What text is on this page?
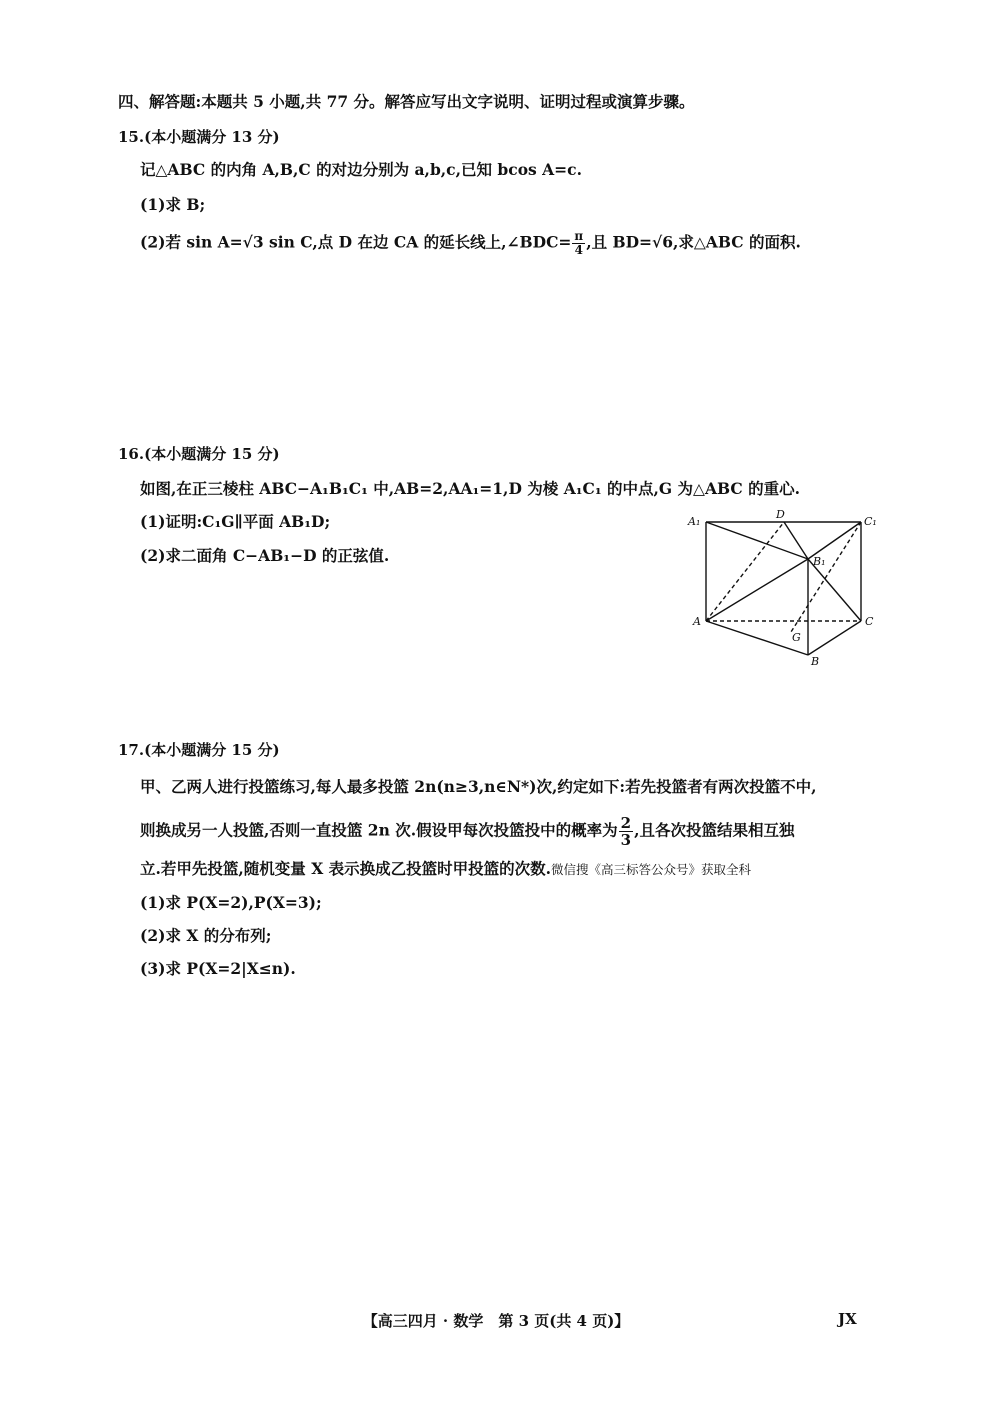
四、解答题:本题共 5 小题,共 77 分。解答应写出文字说明、证明过程或演算步骤。
15.(本小题满分 13 分)
记△ABC 的内角 A,B,C 的对边分别为 a,b,c,已知 bcos A=c.
(1)求 B;
(2)若 sin A=√3 sin C,点 D 在边 CA 的延长线上,∠BDC= $\frac{\pi}{4}$ ,且 BD=√6,求△ABC 的面积.
16.(本小题满分 15 分)
如图,在正三棱柱 ABC−A₁B₁C₁ 中,AB=2,AA₁=1,D 为棱 A₁C₁ 的中点,G 为△ABC 的重心.
(1)证明:C₁G∥平面 AB₁D;
(2)求二面角 C−AB₁−D 的正弦值.
A₁
D
C₁
B₁
A	C
G
B
17.(本小题满分 15 分)
甲、乙两人进行投篮练习,每人最多投篮 2n(n≥3,n∈N*)次,约定如下:若先投篮者有两次投篮不中,
则换成另一人投篮,否则一直投篮 2n 次.假设甲每次投篮投中的概率为 $\frac{2}{3}$ ,且各次投篮结果相互独
立.若甲先投篮,随机变量 X 表示换成乙投篮时甲投篮的次数.微信搜《高三标答公众号》获取全科
(1)求 P(X=2),P(X=3);
(2)求 X 的分布列;
(3)求 P(X=2|X≤n).
【高三四月 · 数学　第 3 页(共 4 页)】	JX
